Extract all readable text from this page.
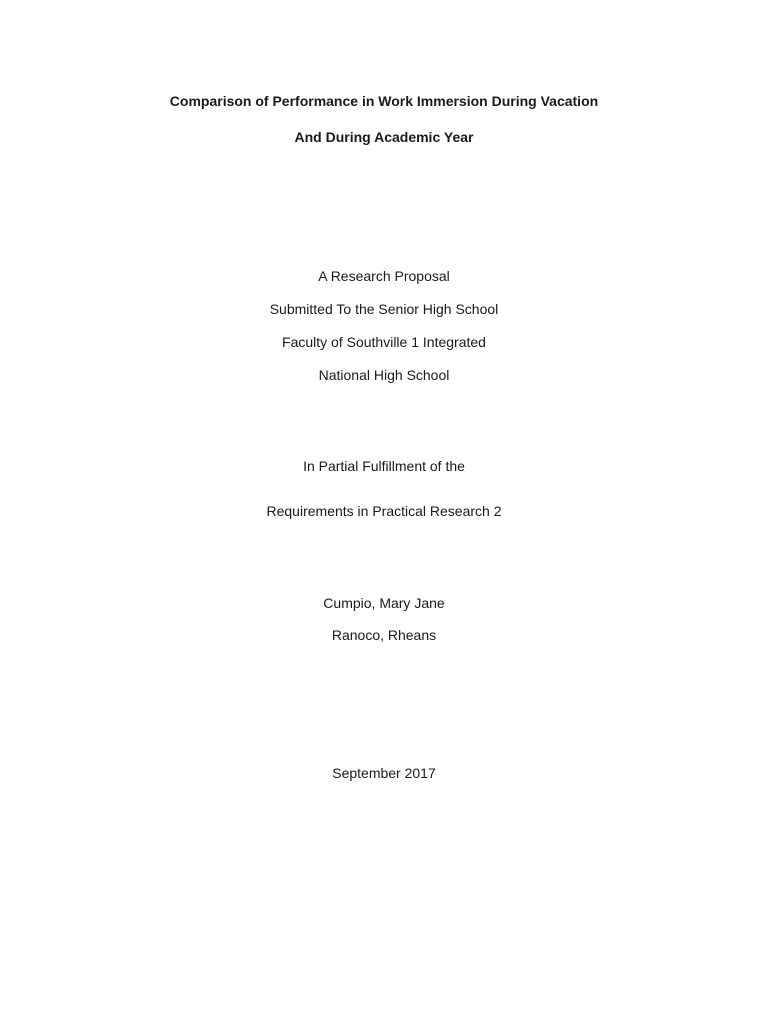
Comparison of Performance in Work Immersion During Vacation
And During Academic Year
A Research Proposal
Submitted To the Senior High School
Faculty of Southville 1 Integrated
National High School
In Partial Fulfillment of the
Requirements in Practical Research 2
Cumpio, Mary Jane
Ranoco, Rheans
September 2017
